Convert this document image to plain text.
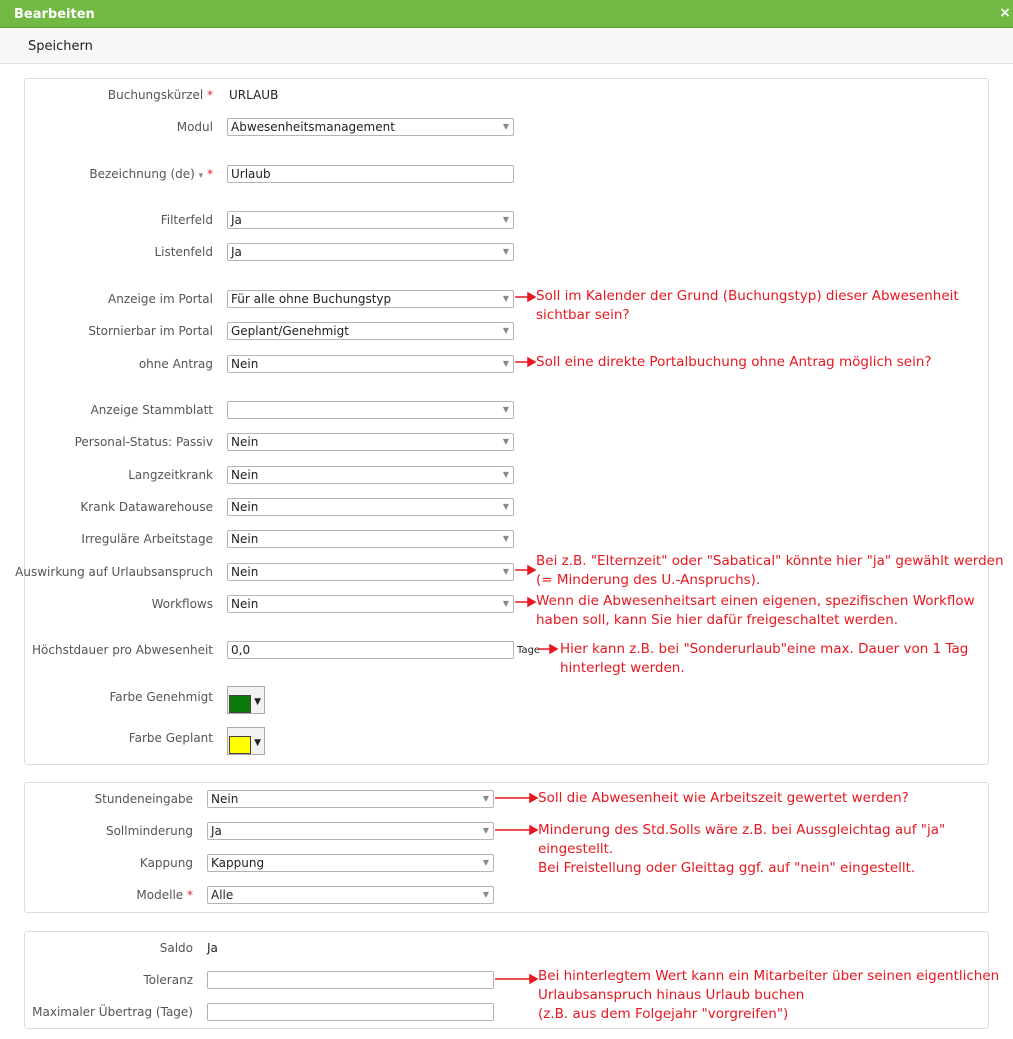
Bearbeiten	×
Speichern
Buchungskürzel * URLAUB
Modul	Abwesenheitsmanagement	▼
Bezeichnung (de) ▾ *	Urlaub
Filterfeld	Ja	▼
Listenfeld	Ja	▼
Anzeige im Portal	Für alle ohne Buchungstyp	▼
Stornierbar im Portal	Geplant/Genehmigt	▼
ohne Antrag	Nein	▼
Anzeige Stammblatt	▼
Personal-Status: Passiv	Nein	▼
Langzeitkrank	Nein	▼
Krank Datawarehouse	Nein	▼
Irreguläre Arbeitstage	Nein	▼
Auswirkung auf Urlaubsanspruch	Nein	▼
Workflows	Nein	▼
Höchstdauer pro Abwesenheit	0,0	Tage
Farbe Genehmigt	▼
Farbe Geplant	▼
Stundeneingabe	Nein	▼
Sollminderung	Ja	▼
Kappung	Kappung	▼
Modelle *	Alle	▼
Saldo Ja
Toleranz
Maximaler Übertrag (Tage)
Soll im Kalender der Grund (Buchungstyp) dieser Abwesenheit
sichtbar sein?
Soll eine direkte Portalbuchung ohne Antrag möglich sein?
Bei z.B. "Elternzeit" oder "Sabatical" könnte hier "ja" gewählt werden
(= Minderung des U.-Anspruchs).
Wenn die Abwesenheitsart einen eigenen, spezifischen Workflow
haben soll, kann Sie hier dafür freigeschaltet werden.
Hier kann z.B. bei "Sonderurlaub"eine max. Dauer von 1 Tag
hinterlegt werden.
Soll die Abwesenheit wie Arbeitszeit gewertet werden?
Minderung des Std.Solls wäre z.B. bei Aussgleichtag auf "ja" eingestellt.
Bei Freistellung oder Gleittag ggf. auf "nein" eingestellt.
Bei hinterlegtem Wert kann ein Mitarbeiter über seinen eigentlichen
Urlaubsanspruch hinaus Urlaub buchen
(z.B. aus dem Folgejahr "vorgreifen")
